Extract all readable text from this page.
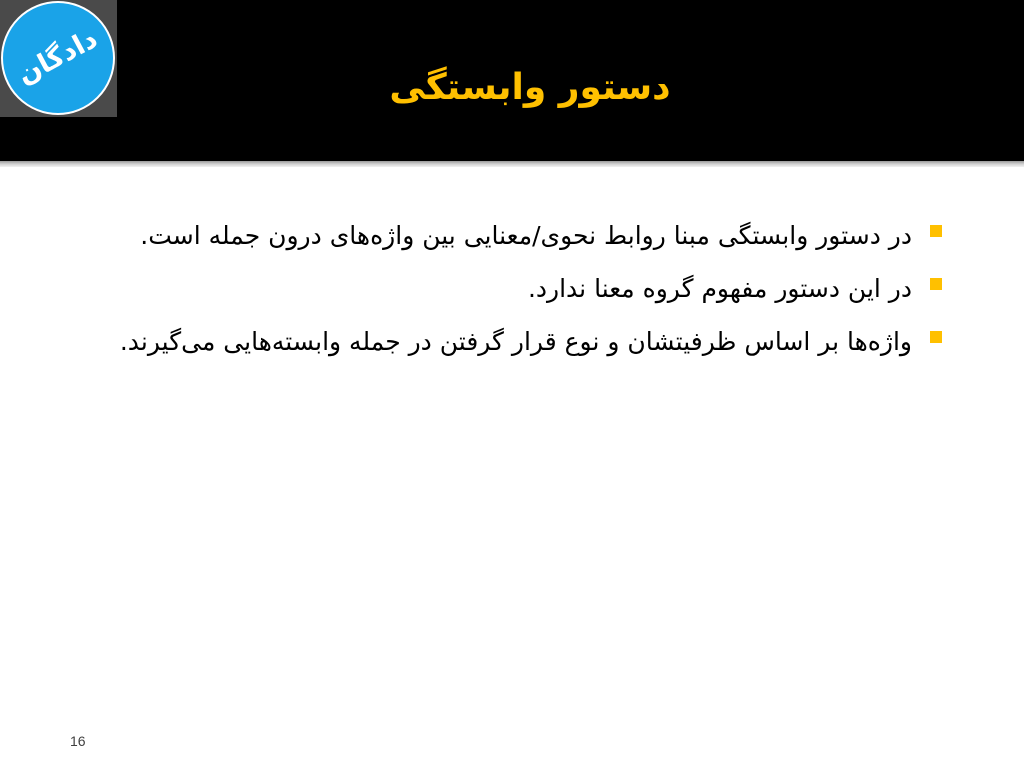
دادگان	دستور وابستگی
در دستور وابستگی مبنا روابط نحوی/معنایی بین واژه‌های درون جمله است.
در این دستور مفهوم گروه معنا ندارد.
واژه‌ها بر اساس ظرفیتشان و نوع قرار گرفتن در جمله وابسته‌هایی می‌گیرند.
16
